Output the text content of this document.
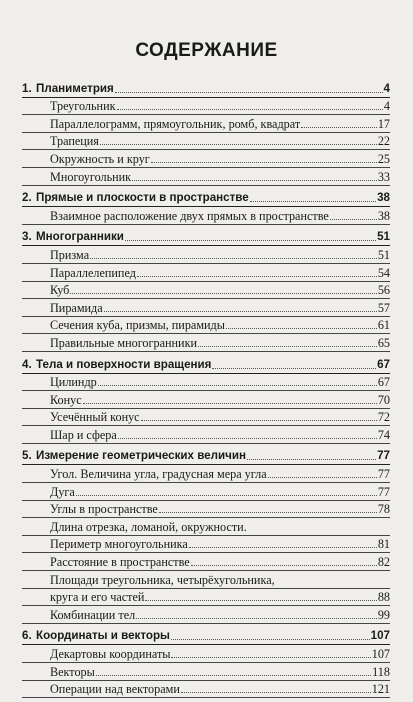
СОДЕРЖАНИЕ
1. Планиметрия	4
Треугольник	4
Параллелограмм, прямоугольник, ромб, квадрат	17
Трапеция	22
Окружность и круг	25
Многоугольник	33
2. Прямые и плоскости в пространстве	38
Взаимное расположение двух прямых в пространстве	38
3. Многогранники	51
Призма	51
Параллелепипед	54
Куб	56
Пирамида	57
Сечения куба, призмы, пирамиды	61
Правильные многогранники	65
4. Тела и поверхности вращения	67
Цилиндр	67
Конус	70
Усечённый конус	72
Шар и сфера	74
5. Измерение геометрических величин	77
Угол. Величина угла, градусная мера угла	77
Дуга	77
Углы в пространстве	78
Длина отрезка, ломаной, окружности.
Периметр многоугольника	81
Расстояние в пространстве	82
Площади треугольника, четырёхугольника,
круга и его частей	88
Комбинации тел	99
6. Координаты и векторы	107
Декартовы координаты	107
Векторы	118
Операции над векторами	121
